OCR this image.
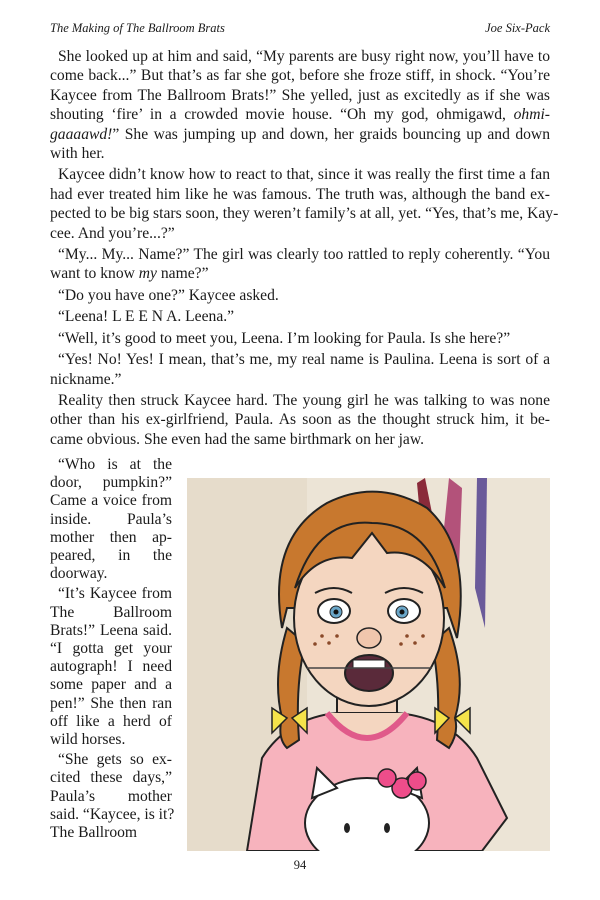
The Making of The Ballroom Brats	Joe Six-Pack
She looked up at him and said, “My parents are busy right now, you’ll have to
come back...” But that’s as far she got, before she froze stiff, in shock. “You’re
Kaycee from The Ballroom Brats!” She yelled, just as excitedly as if she was
shouting ‘fire’ in a crowded movie house. “Oh my god, ohmigawd, ohmi-
gaaaawd!” She was jumping up and down, her graids bouncing up and down
with her.
Kaycee didn’t know how to react to that, since it was really the first time a fan
had ever treated him like he was famous. The truth was, although the band ex-
pected to be big stars soon, they weren’t family’s at all, yet. “Yes, that’s me, Kay-
cee. And you’re...?”
“My... My... Name?” The girl was clearly too rattled to reply coherently. “You
want to know my name?”
“Do you have one?” Kaycee asked.
“Leena! L E E N A. Leena.”
“Well, it’s good to meet you, Leena. I’m looking for Paula. Is she here?”
“Yes! No! Yes! I mean, that’s me, my real name is Paulina. Leena is sort of a
nickname.”
Reality then struck Kaycee hard. The young girl he was talking to was none
other than his ex-girlfriend, Paula. As soon as the thought struck him, it be-
came obvious. She even had the same birthmark on her jaw.
“Who is at the
door, pumpkin?”
Came a voice from
inside. Paula’s
mother then ap-
peared, in the
doorway.
“It’s Kaycee from
The Ballroom
Brats!” Leena said.
“I gotta get your
autograph! I need
some paper and a
pen!” She then ran
off like a herd of
wild horses.
“She gets so ex-
cited these days,”
Paula’s mother
said. “Kaycee, is it?
The Ballroom
94
